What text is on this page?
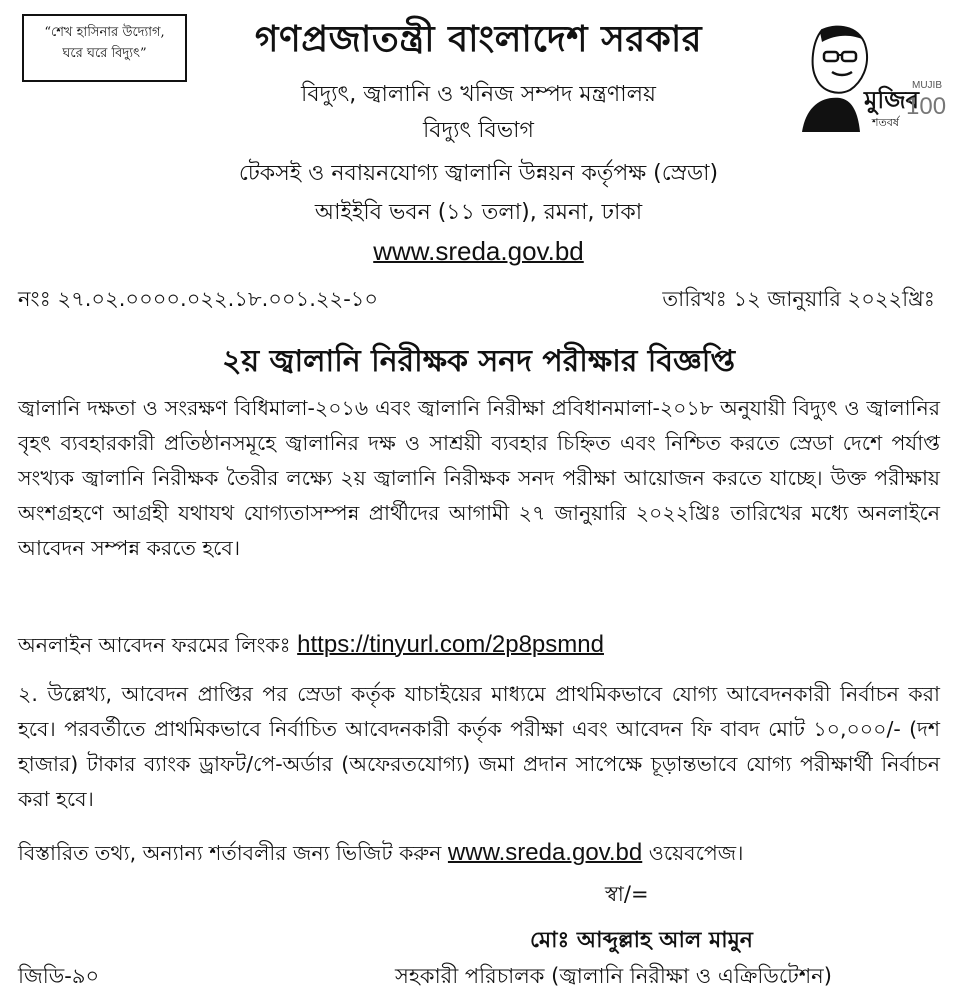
“শেখ হাসিনার উদ্যোগ,
ঘরে ঘরে বিদ্যুৎ”	গণপ্রজাতন্ত্রী বাংলাদেশ সরকার
বিদ্যুৎ, জ্বালানি ও খনিজ সম্পদ মন্ত্রণালয়
বিদ্যুৎ বিভাগ
টেকসই ও নবায়নযোগ্য জ্বালানি উন্নয়ন কর্তৃপক্ষ (স্রেডা)
আইইবি ভবন (১১ তলা), রমনা, ঢাকা
www.sreda.gov.bd
মুজিব
শতবর্ষ
MUJIB
100
নংঃ ২৭.০২.০০০০.০২২.১৮.০০১.২২-১০	তারিখঃ ১২ জানুয়ারি ২০২২খ্রিঃ
২য় জ্বালানি নিরীক্ষক সনদ পরীক্ষার বিজ্ঞপ্তি
জ্বালানি দক্ষতা ও সংরক্ষণ বিধিমালা-২০১৬ এবং জ্বালানি নিরীক্ষা প্রবিধানমালা-২০১৮ অনুযায়ী বিদ্যুৎ ও জ্বালানির বৃহৎ ব্যবহারকারী প্রতিষ্ঠানসমূহে জ্বালানির দক্ষ ও সাশ্রয়ী ব্যবহার চিহ্নিত এবং নিশ্চিত করতে স্রেডা দেশে পর্যাপ্ত সংখ্যক জ্বালানি নিরীক্ষক তৈরীর লক্ষ্যে ২য় জ্বালানি নিরীক্ষক সনদ পরীক্ষা আয়োজন করতে যাচ্ছে। উক্ত পরীক্ষায় অংশগ্রহণে আগ্রহী যথাযথ যোগ্যতাসম্পন্ন প্রার্থীদের আগামী ২৭ জানুয়ারি ২০২২খ্রিঃ তারিখের মধ্যে অনলাইনে আবেদন সম্পন্ন করতে হবে।
অনলাইন আবেদন ফরমের লিংকঃ https://tinyurl.com/2p8psmnd
২. উল্লেখ্য, আবেদন প্রাপ্তির পর স্রেডা কর্তৃক যাচাইয়ের মাধ্যমে প্রাথমিকভাবে যোগ্য আবেদনকারী নির্বাচন করা হবে। পরবর্তীতে প্রাথমিকভাবে নির্বাচিত আবেদনকারী কর্তৃক পরীক্ষা এবং আবেদন ফি বাবদ মোট ১০,০০০/- (দশ হাজার) টাকার ব্যাংক ড্রাফট/পে-অর্ডার (অফেরতযোগ্য) জমা প্রদান সাপেক্ষে চূড়ান্তভাবে যোগ্য পরীক্ষার্থী নির্বাচন করা হবে।
বিস্তারিত তথ্য, অন্যান্য শর্তাবলীর জন্য ভিজিট করুন www.sreda.gov.bd ওয়েবপেজ।
স্বা/=
মোঃ আব্দুল্লাহ আল মামুন
জিডি-৯০	সহকারী পরিচালক (জ্বালানি নিরীক্ষা ও এক্রিডিটেশন)
